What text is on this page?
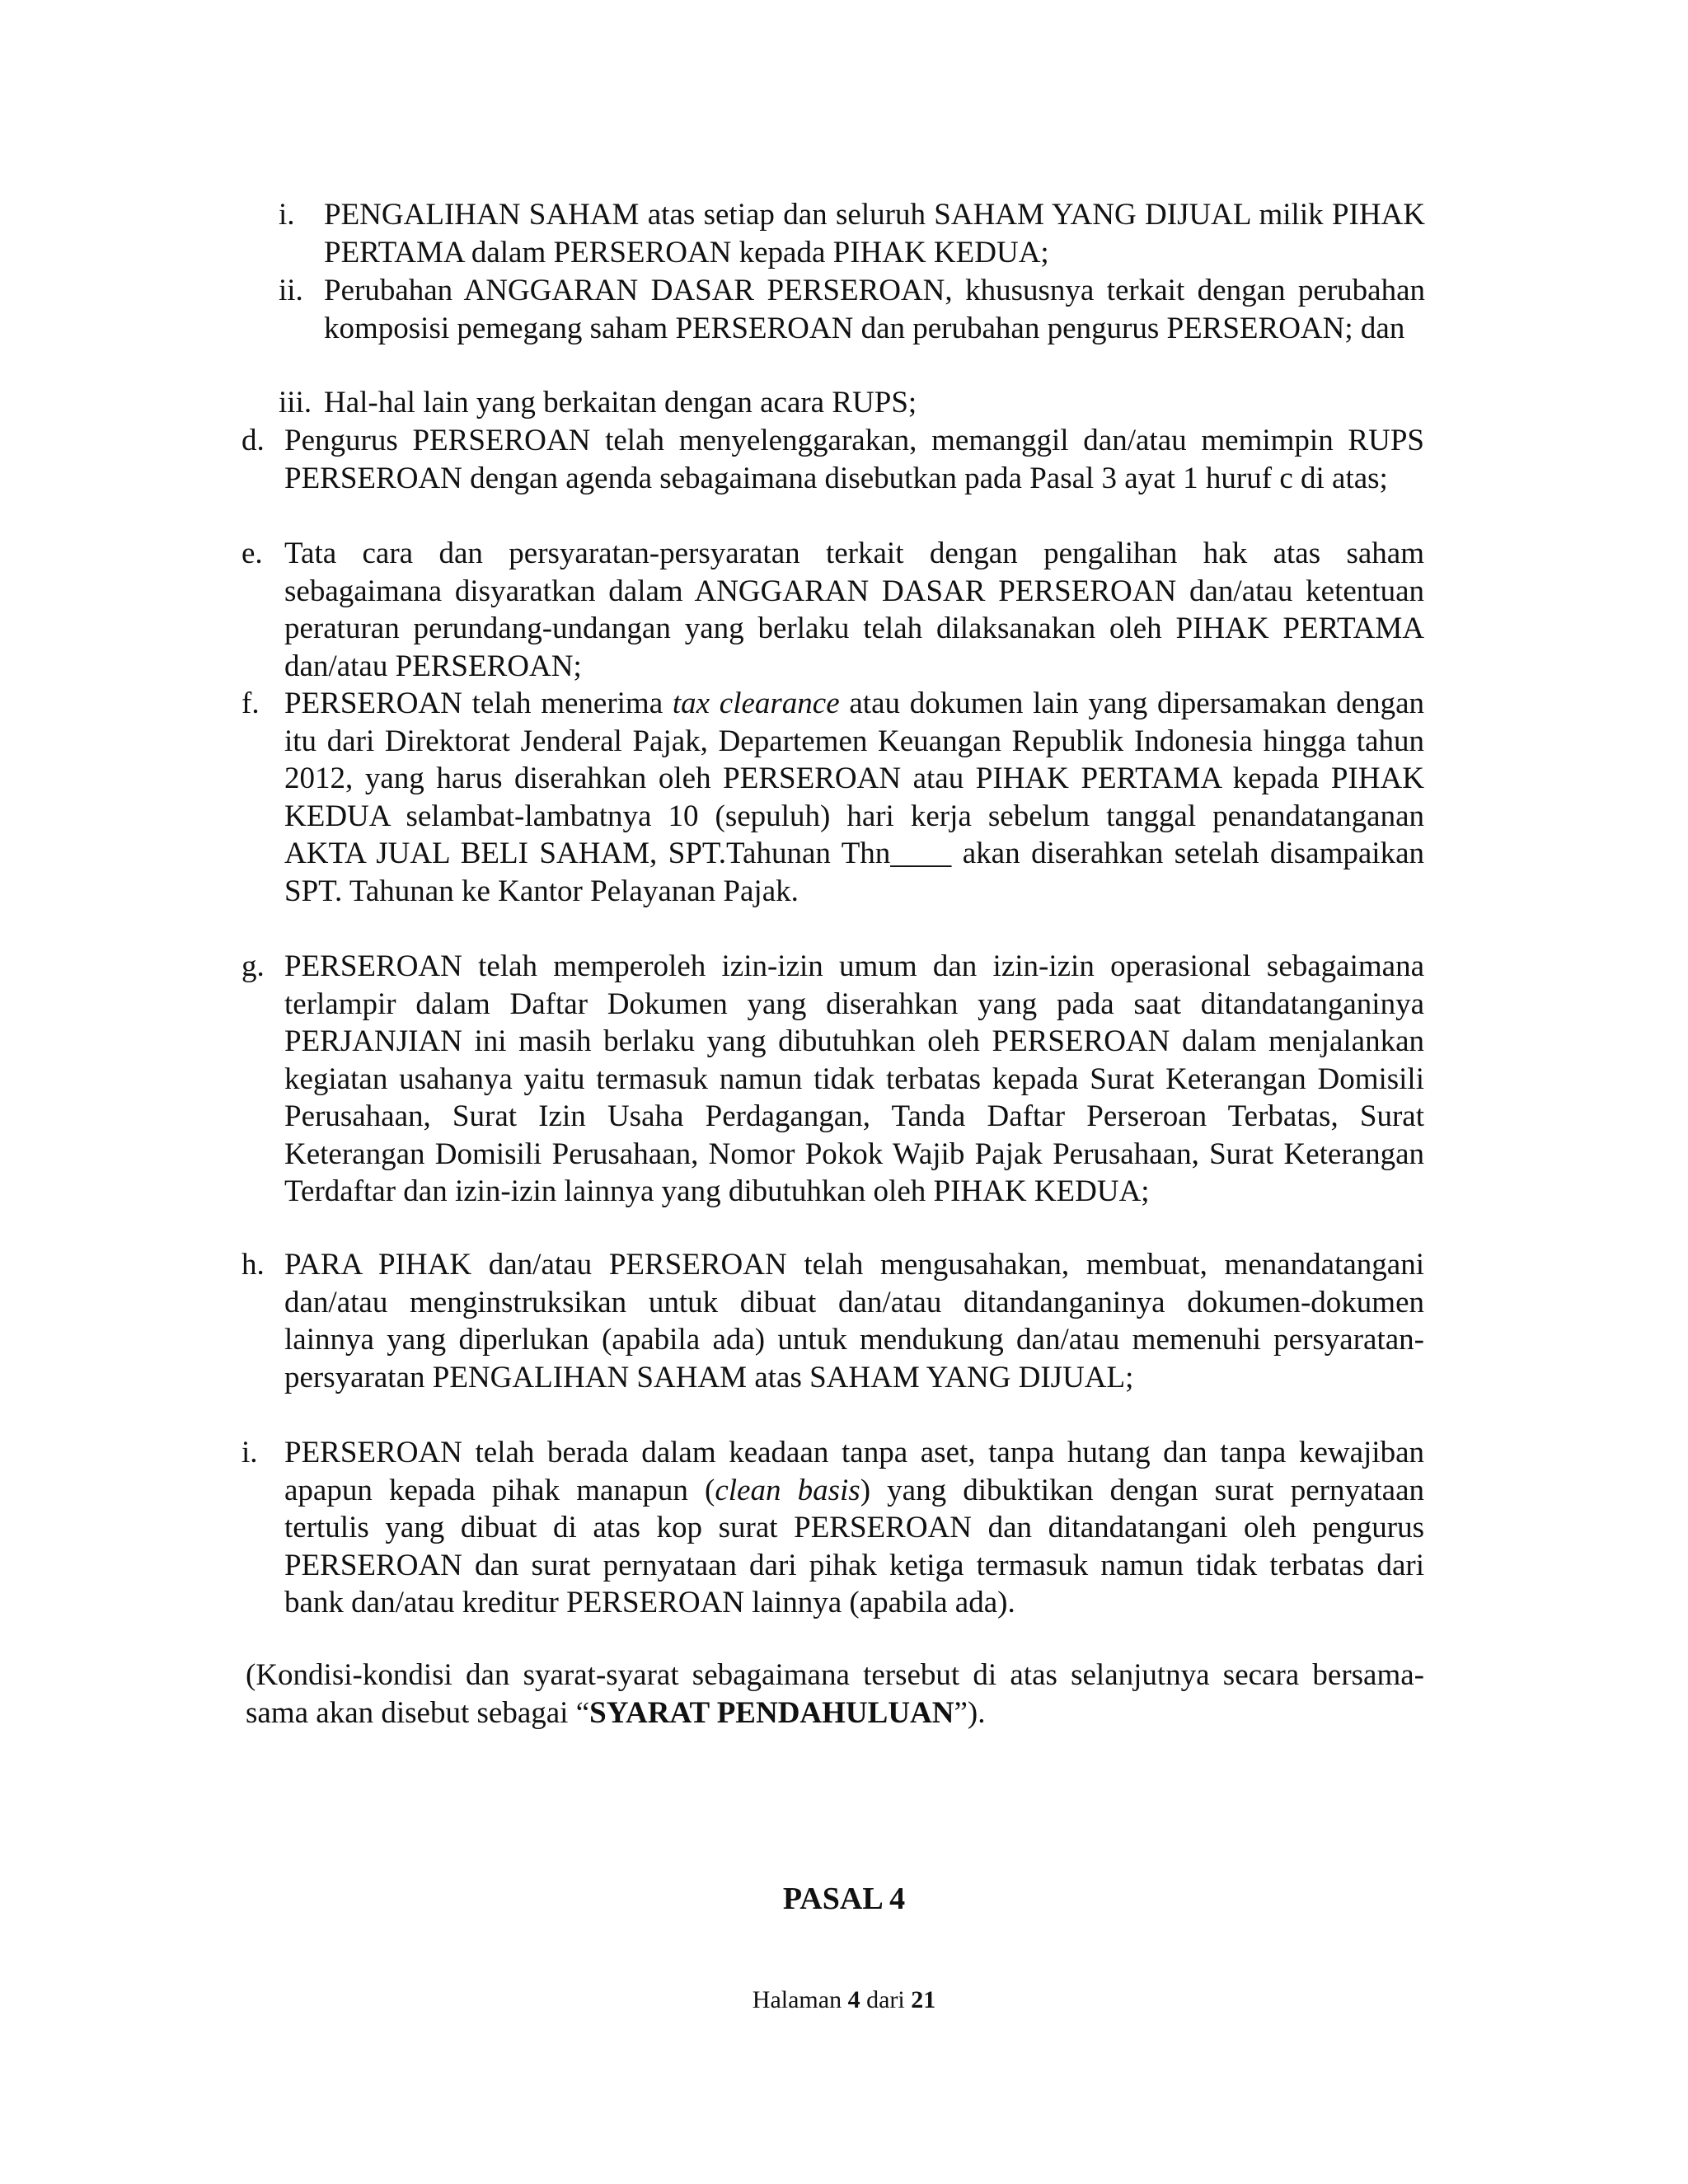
i. PENGALIHAN SAHAM atas setiap dan seluruh SAHAM YANG DIJUAL milik PIHAK PERTAMA dalam PERSEROAN kepada PIHAK KEDUA;
ii. Perubahan ANGGARAN DASAR PERSEROAN, khususnya terkait dengan perubahan komposisi pemegang saham PERSEROAN dan perubahan pengurus PERSEROAN; dan
iii. Hal-hal lain yang berkaitan dengan acara RUPS;
d. Pengurus PERSEROAN telah menyelenggarakan, memanggil dan/atau memimpin RUPS PERSEROAN dengan agenda sebagaimana disebutkan pada Pasal 3 ayat 1 huruf c di atas;
e. Tata cara dan persyaratan-persyaratan terkait dengan pengalihan hak atas saham sebagaimana disyaratkan dalam ANGGARAN DASAR PERSEROAN dan/atau ketentuan peraturan perundang-undangan yang berlaku telah dilaksanakan oleh PIHAK PERTAMA dan/atau PERSEROAN;
f. PERSEROAN telah menerima tax clearance atau dokumen lain yang dipersamakan dengan itu dari Direktorat Jenderal Pajak, Departemen Keuangan Republik Indonesia hingga tahun 2012, yang harus diserahkan oleh PERSEROAN atau PIHAK PERTAMA kepada PIHAK KEDUA selambat-lambatnya 10 (sepuluh) hari kerja sebelum tanggal penandatanganan AKTA JUAL BELI SAHAM, SPT.Tahunan Thn____ akan diserahkan setelah disampaikan SPT. Tahunan ke Kantor Pelayanan Pajak.
g. PERSEROAN telah memperoleh izin-izin umum dan izin-izin operasional sebagaimana terlampir dalam Daftar Dokumen yang diserahkan yang pada saat ditandatanganinya PERJANJIAN ini masih berlaku yang dibutuhkan oleh PERSEROAN dalam menjalankan kegiatan usahanya yaitu termasuk namun tidak terbatas kepada Surat Keterangan Domisili Perusahaan, Surat Izin Usaha Perdagangan, Tanda Daftar Perseroan Terbatas, Surat Keterangan Domisili Perusahaan, Nomor Pokok Wajib Pajak Perusahaan, Surat Keterangan Terdaftar dan izin-izin lainnya yang dibutuhkan oleh PIHAK KEDUA;
h. PARA PIHAK dan/atau PERSEROAN telah mengusahakan, membuat, menandatangani dan/atau menginstruksikan untuk dibuat dan/atau ditandanganinya dokumen-dokumen lainnya yang diperlukan (apabila ada) untuk mendukung dan/atau memenuhi persyaratan-persyaratan PENGALIHAN SAHAM atas SAHAM YANG DIJUAL;
i. PERSEROAN telah berada dalam keadaan tanpa aset, tanpa hutang dan tanpa kewajiban apapun kepada pihak manapun (clean basis) yang dibuktikan dengan surat pernyataan tertulis yang dibuat di atas kop surat PERSEROAN dan ditandatangani oleh pengurus PERSEROAN dan surat pernyataan dari pihak ketiga termasuk namun tidak terbatas dari bank dan/atau kreditur PERSEROAN lainnya (apabila ada).
(Kondisi-kondisi dan syarat-syarat sebagaimana tersebut di atas selanjutnya secara bersama-sama akan disebut sebagai “SYARAT PENDAHULUAN”).
PASAL 4
Halaman 4 dari 21
